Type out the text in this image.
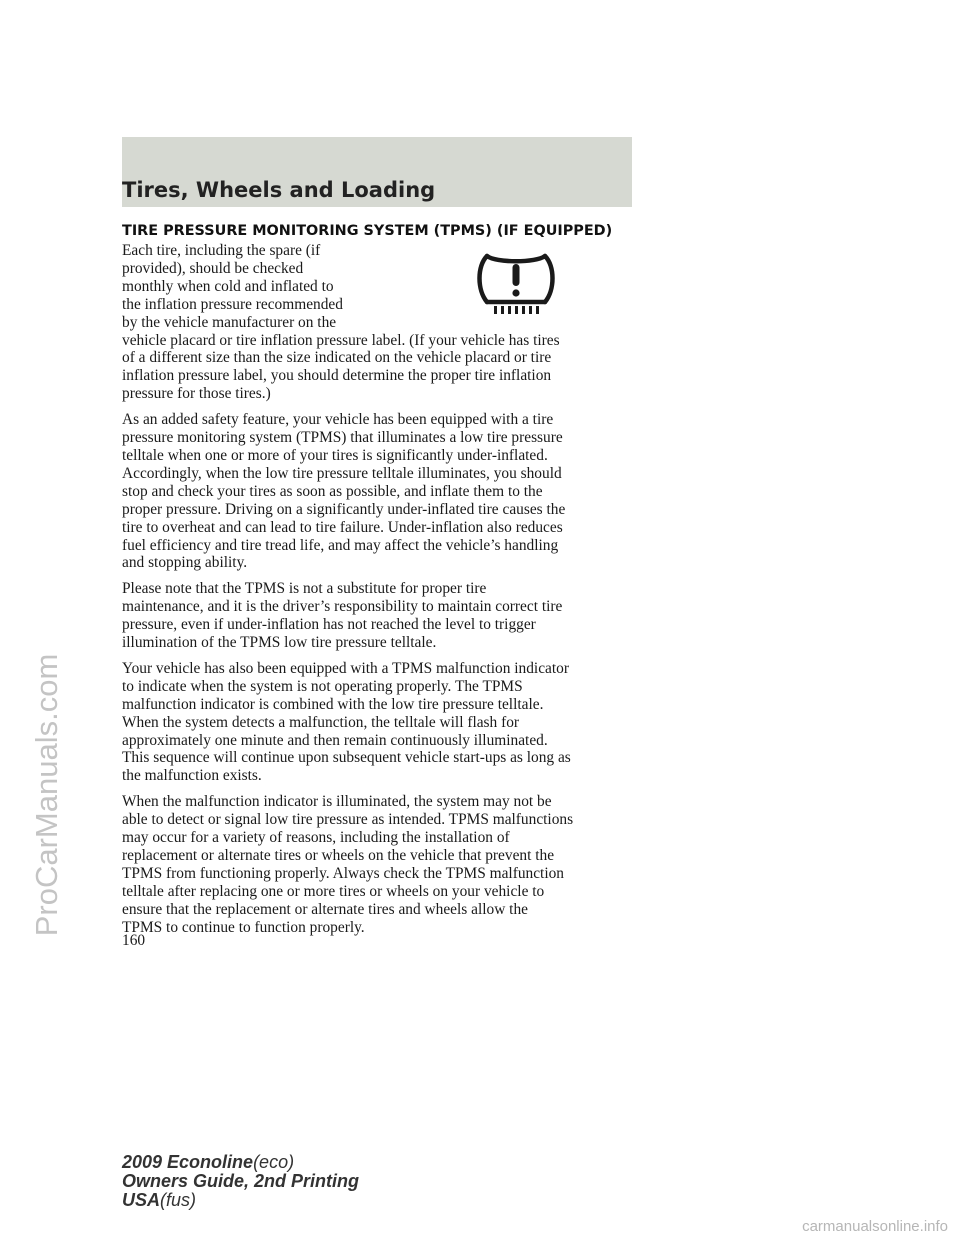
Tires, Wheels and Loading
TIRE PRESSURE MONITORING SYSTEM (TPMS) (IF EQUIPPED)

Each tire, including the spare (if
provided), should be checked
monthly when cold and inflated to
the inflation pressure recommended
by the vehicle manufacturer on the
vehicle placard or tire inflation pressure label. (If your vehicle has tires
of a different size than the size indicated on the vehicle placard or tire
inflation pressure label, you should determine the proper tire inflation
pressure for those tires.)

As an added safety feature, your vehicle has been equipped with a tire
pressure monitoring system (TPMS) that illuminates a low tire pressure
telltale when one or more of your tires is significantly under-inflated.
Accordingly, when the low tire pressure telltale illuminates, you should
stop and check your tires as soon as possible, and inflate them to the
proper pressure. Driving on a significantly under-inflated tire causes the
tire to overheat and can lead to tire failure. Under-inflation also reduces
fuel efficiency and tire tread life, and may affect the vehicle’s handling
and stopping ability.

Please note that the TPMS is not a substitute for proper tire
maintenance, and it is the driver’s responsibility to maintain correct tire
pressure, even if under-inflation has not reached the level to trigger
illumination of the TPMS low tire pressure telltale.

Your vehicle has also been equipped with a TPMS malfunction indicator
to indicate when the system is not operating properly. The TPMS
malfunction indicator is combined with the low tire pressure telltale.
When the system detects a malfunction, the telltale will flash for
approximately one minute and then remain continuously illuminated.
This sequence will continue upon subsequent vehicle start-ups as long as
the malfunction exists.

When the malfunction indicator is illuminated, the system may not be
able to detect or signal low tire pressure as intended. TPMS malfunctions
may occur for a variety of reasons, including the installation of
replacement or alternate tires or wheels on the vehicle that prevent the
TPMS from functioning properly. Always check the TPMS malfunction
telltale after replacing one or more tires or wheels on your vehicle to
ensure that the replacement or alternate tires and wheels allow the
TPMS to continue to function properly.

160

2009 Econoline(eco)
Owners Guide, 2nd Printing
USA(fus)
ProCarManuals.com
carmanualsonline.info
